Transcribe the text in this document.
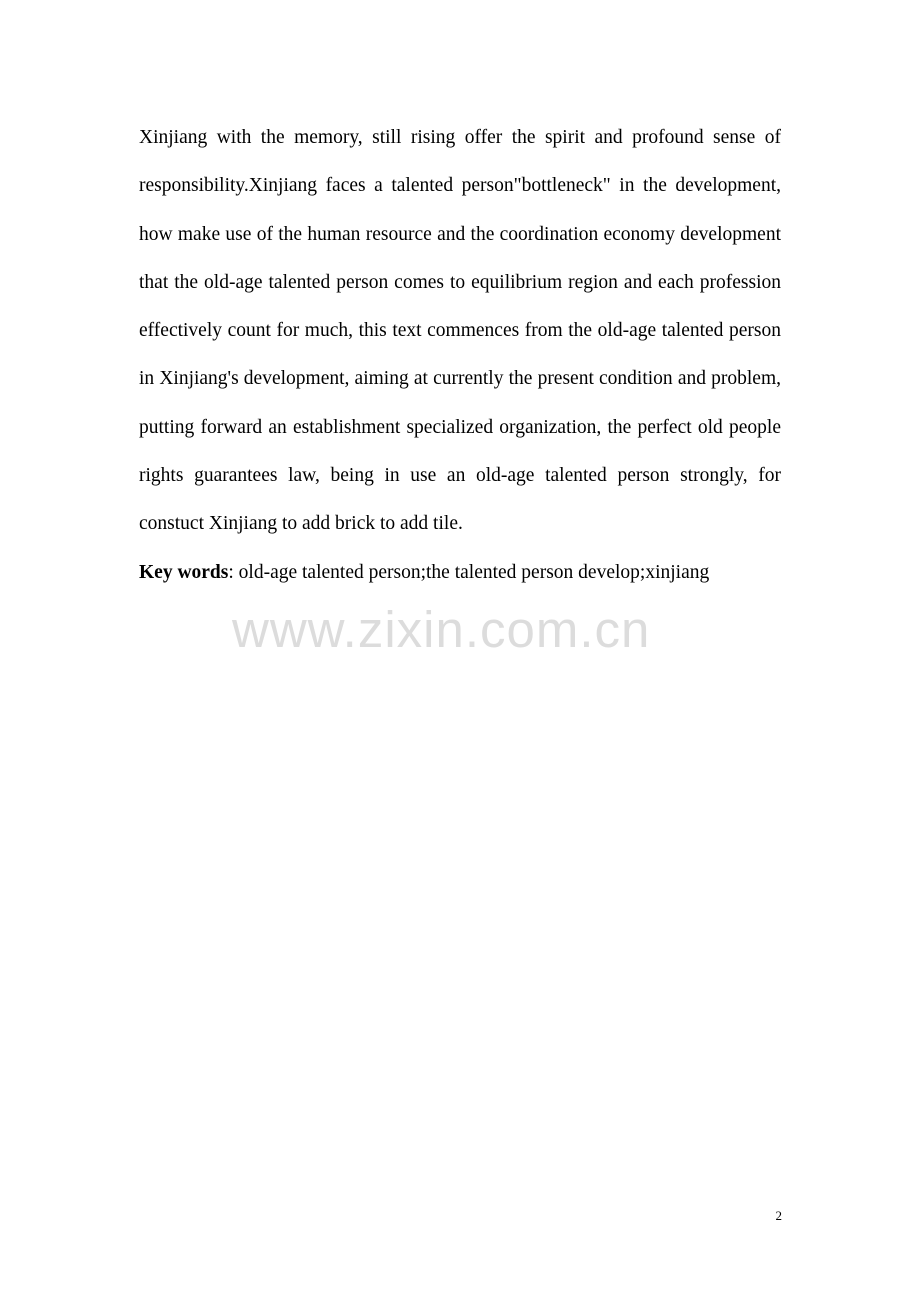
Xinjiang with the memory, still rising offer the spirit and profound sense of responsibility.Xinjiang faces a talented person"bottleneck" in the development, how make use of the human resource and the coordination economy development that the old-age talented person comes to equilibrium region and each profession effectively count for much, this text commences from the old-age talented person in Xinjiang's development, aiming at currently the present condition and problem, putting forward an establishment specialized organization, the perfect old people rights guarantees law, being in use an old-age talented person strongly, for constuct Xinjiang to add brick to add tile.

Key words: old-age talented person;the talented person develop;xinjiang

www.zixin.com.cn
2
